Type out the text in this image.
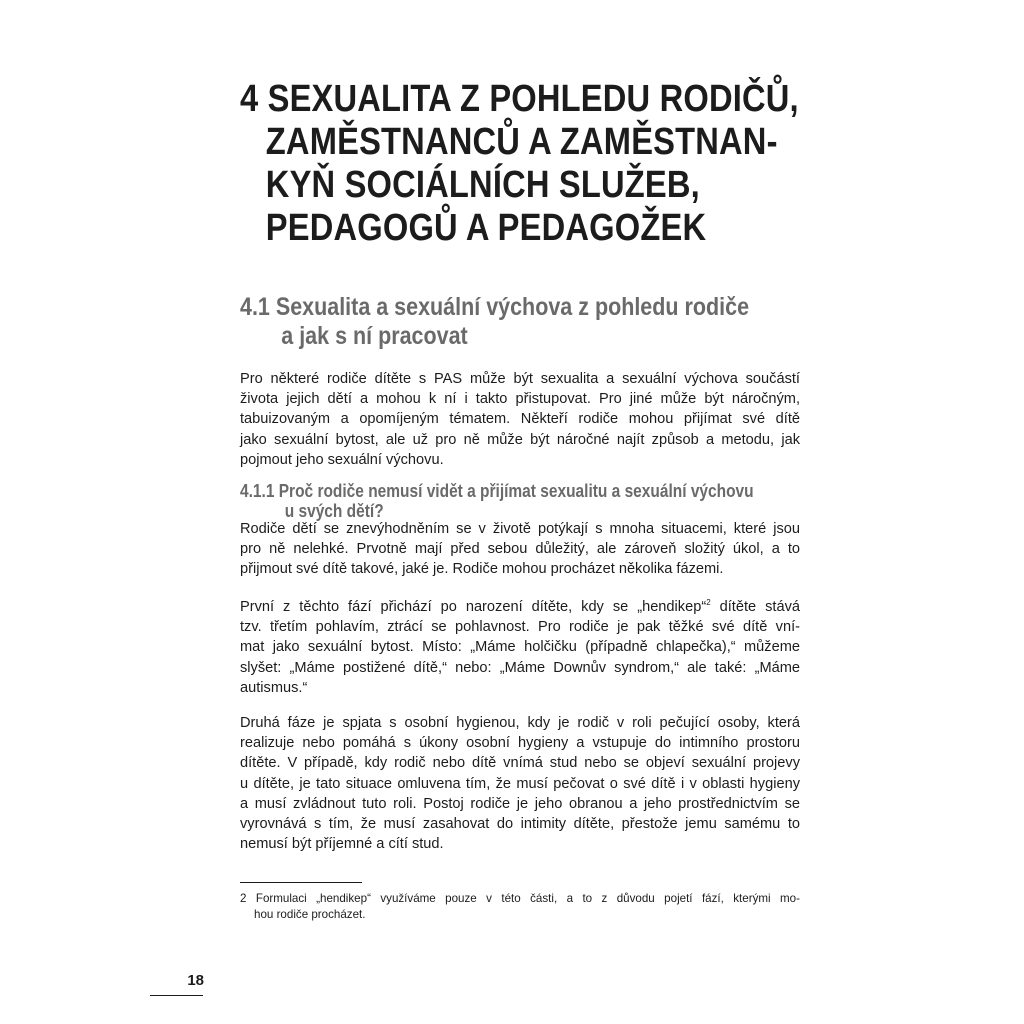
4 SEXUALITA Z POHLEDU RODIČŮ,
ZAMĚSTNANCŮ A ZAMĚSTNAN-
KYŇ SOCIÁLNÍCH SLUŽEB,
PEDAGOGŮ A PEDAGOŽEK
4.1 Sexualita a sexuální výchova z pohledu rodiče
a jak s ní pracovat
Pro některé rodiče dítěte s PAS může být sexualita a sexuální výchova součástí
života jejich dětí a mohou k ní i takto přistupovat. Pro jiné může být náročným,
tabuizovaným a opomíjeným tématem. Někteří rodiče mohou přijímat své dítě
jako sexuální bytost, ale už pro ně může být náročné najít způsob a metodu, jak
pojmout jeho sexuální výchovu.
4.1.1 Proč rodiče nemusí vidět a přijímat sexualitu a sexuální výchovu
u svých dětí?
Rodiče dětí se znevýhodněním se v životě potýkají s mnoha situacemi, které jsou
pro ně nelehké. Prvotně mají před sebou důležitý, ale zároveň složitý úkol, a to
přijmout své dítě takové, jaké je. Rodiče mohou procházet několika fázemi.
První z těchto fází přichází po narození dítěte, kdy se „hendikep“$^2$ dítěte stává
tzv. třetím pohlavím, ztrácí se pohlavnost. Pro rodiče je pak těžké své dítě vní-
mat jako sexuální bytost. Místo: „Máme holčičku (případně chlapečka),“ můžeme
slyšet: „Máme postižené dítě,“ nebo: „Máme Downův syndrom,“ ale také: „Máme
autismus.“
Druhá fáze je spjata s osobní hygienou, kdy je rodič v roli pečující osoby, která
realizuje nebo pomáhá s úkony osobní hygieny a vstupuje do intimního prostoru
dítěte. V případě, kdy rodič nebo dítě vnímá stud nebo se objeví sexuální projevy
u dítěte, je tato situace omluvena tím, že musí pečovat o své dítě i v oblasti hygieny
a musí zvládnout tuto roli. Postoj rodiče je jeho obranou a jeho prostřednictvím se
vyrovnává s tím, že musí zasahovat do intimity dítěte, přestože jemu samému to
nemusí být příjemné a cítí stud.
2 Formulaci „hendikep“ využíváme pouze v této části, a to z důvodu pojetí fází, kterými mo-
hou rodiče procházet.
18
